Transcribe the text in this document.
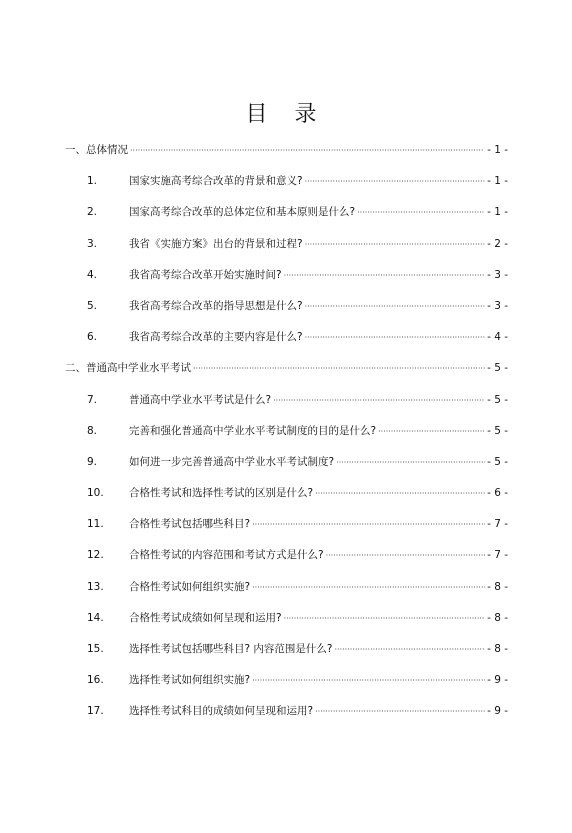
目 录
一、总体情况 ·····	- 1 -
1.	国家实施高考综合改革的背景和意义? ·····	- 1 -
2.	国家高考综合改革的总体定位和基本原则是什么? ·····	- 1 -
3.	我省《实施方案》出台的背景和过程? ·····	- 2 -
4.	我省高考综合改革开始实施时间? ·····	- 3 -
5.	我省高考综合改革的指导思想是什么? ·····	- 3 -
6.	我省高考综合改革的主要内容是什么? ·····	- 4 -
二、普通高中学业水平考试 ·····	- 5 -
7.	普通高中学业水平考试是什么? ·····	- 5 -
8.	完善和强化普通高中学业水平考试制度的目的是什么? ·····	- 5 -
9.	如何进一步完善普通高中学业水平考试制度? ·····	- 5 -
10.	合格性考试和选择性考试的区别是什么? ·····	- 6 -
11.	合格性考试包括哪些科目? ·····	- 7 -
12.	合格性考试的内容范围和考试方式是什么? ·····	- 7 -
13.	合格性考试如何组织实施? ·····	- 8 -
14.	合格性考试成绩如何呈现和运用? ·····	- 8 -
15.	选择性考试包括哪些科目? 内容范围是什么? ·····	- 8 -
16.	选择性考试如何组织实施? ·····	- 9 -
17.	选择性考试科目的成绩如何呈现和运用? ·····	- 9 -
